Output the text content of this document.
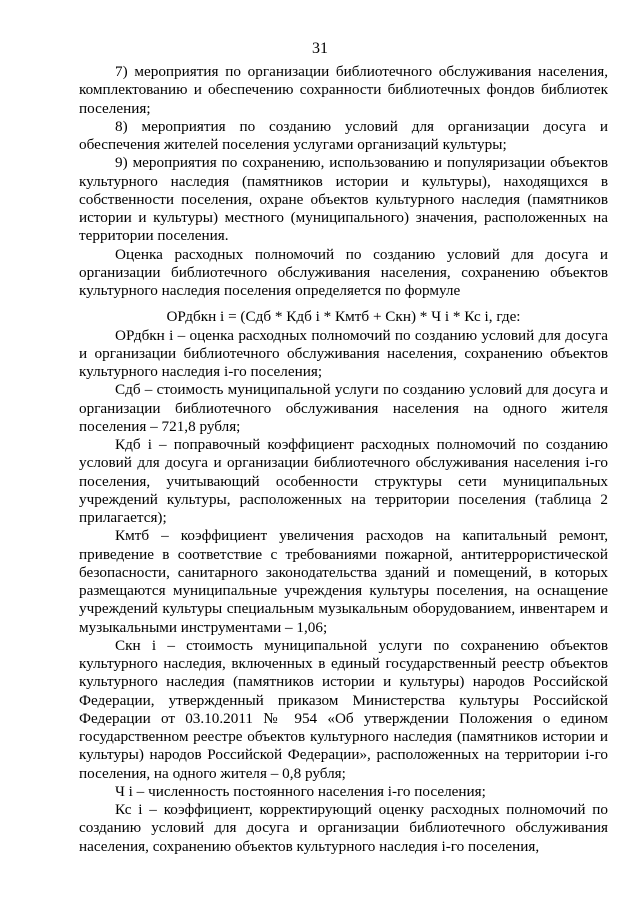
31

7) мероприятия по организации библиотечного обслуживания населения, комплектованию и обеспечению сохранности библиотечных фондов библиотек поселения;

8) мероприятия по созданию условий для организации досуга и обеспечения жителей поселения услугами организаций культуры;

9) мероприятия по сохранению, использованию и популяризации объектов культурного наследия (памятников истории и культуры), находящихся в собственности поселения, охране объектов культурного наследия (памятников истории и культуры) местного (муниципального) значения, расположенных на территории поселения.

Оценка расходных полномочий по созданию условий для досуга и организации библиотечного обслуживания населения, сохранению объектов культурного наследия поселения определяется по формуле

ОРдбкн i = (Сдб * Кдб i * Кмтб + Скн) * Ч i * Кс i, где:

ОРдбкн i – оценка расходных полномочий по созданию условий для досуга и организации библиотечного обслуживания населения, сохранению объектов культурного наследия i-го поселения;

Сдб – стоимость муниципальной услуги по созданию условий для досуга и организации библиотечного обслуживания населения на одного жителя поселения – 721,8 рубля;

Кдб i – поправочный коэффициент расходных полномочий по созданию условий для досуга и организации библиотечного обслуживания населения i-го поселения, учитывающий особенности структуры сети муниципальных учреждений культуры, расположенных на территории поселения (таблица 2 прилагается);

Кмтб – коэффициент увеличения расходов на капитальный ремонт, приведение в соответствие с требованиями пожарной, антитеррористической безопасности, санитарного законодательства зданий и помещений, в которых размещаются муниципальные учреждения культуры поселения, на оснащение учреждений культуры специальным музыкальным оборудованием, инвентарем и музыкальными инструментами – 1,06;

Скн i – стоимость муниципальной услуги по сохранению объектов культурного наследия, включенных в единый государственный реестр объектов культурного наследия (памятников истории и культуры) народов Российской Федерации, утвержденный приказом Министерства культуры Российской Федерации от 03.10.2011 № 954 «Об утверждении Положения о едином государственном реестре объектов культурного наследия (памятников истории и культуры) народов Российской Федерации», расположенных на территории i-го поселения, на одного жителя – 0,8 рубля;

Ч i – численность постоянного населения i-го поселения;

Кс i – коэффициент, корректирующий оценку расходных полномочий по созданию условий для досуга и организации библиотечного обслуживания населения, сохранению объектов культурного наследия i-го поселения,
